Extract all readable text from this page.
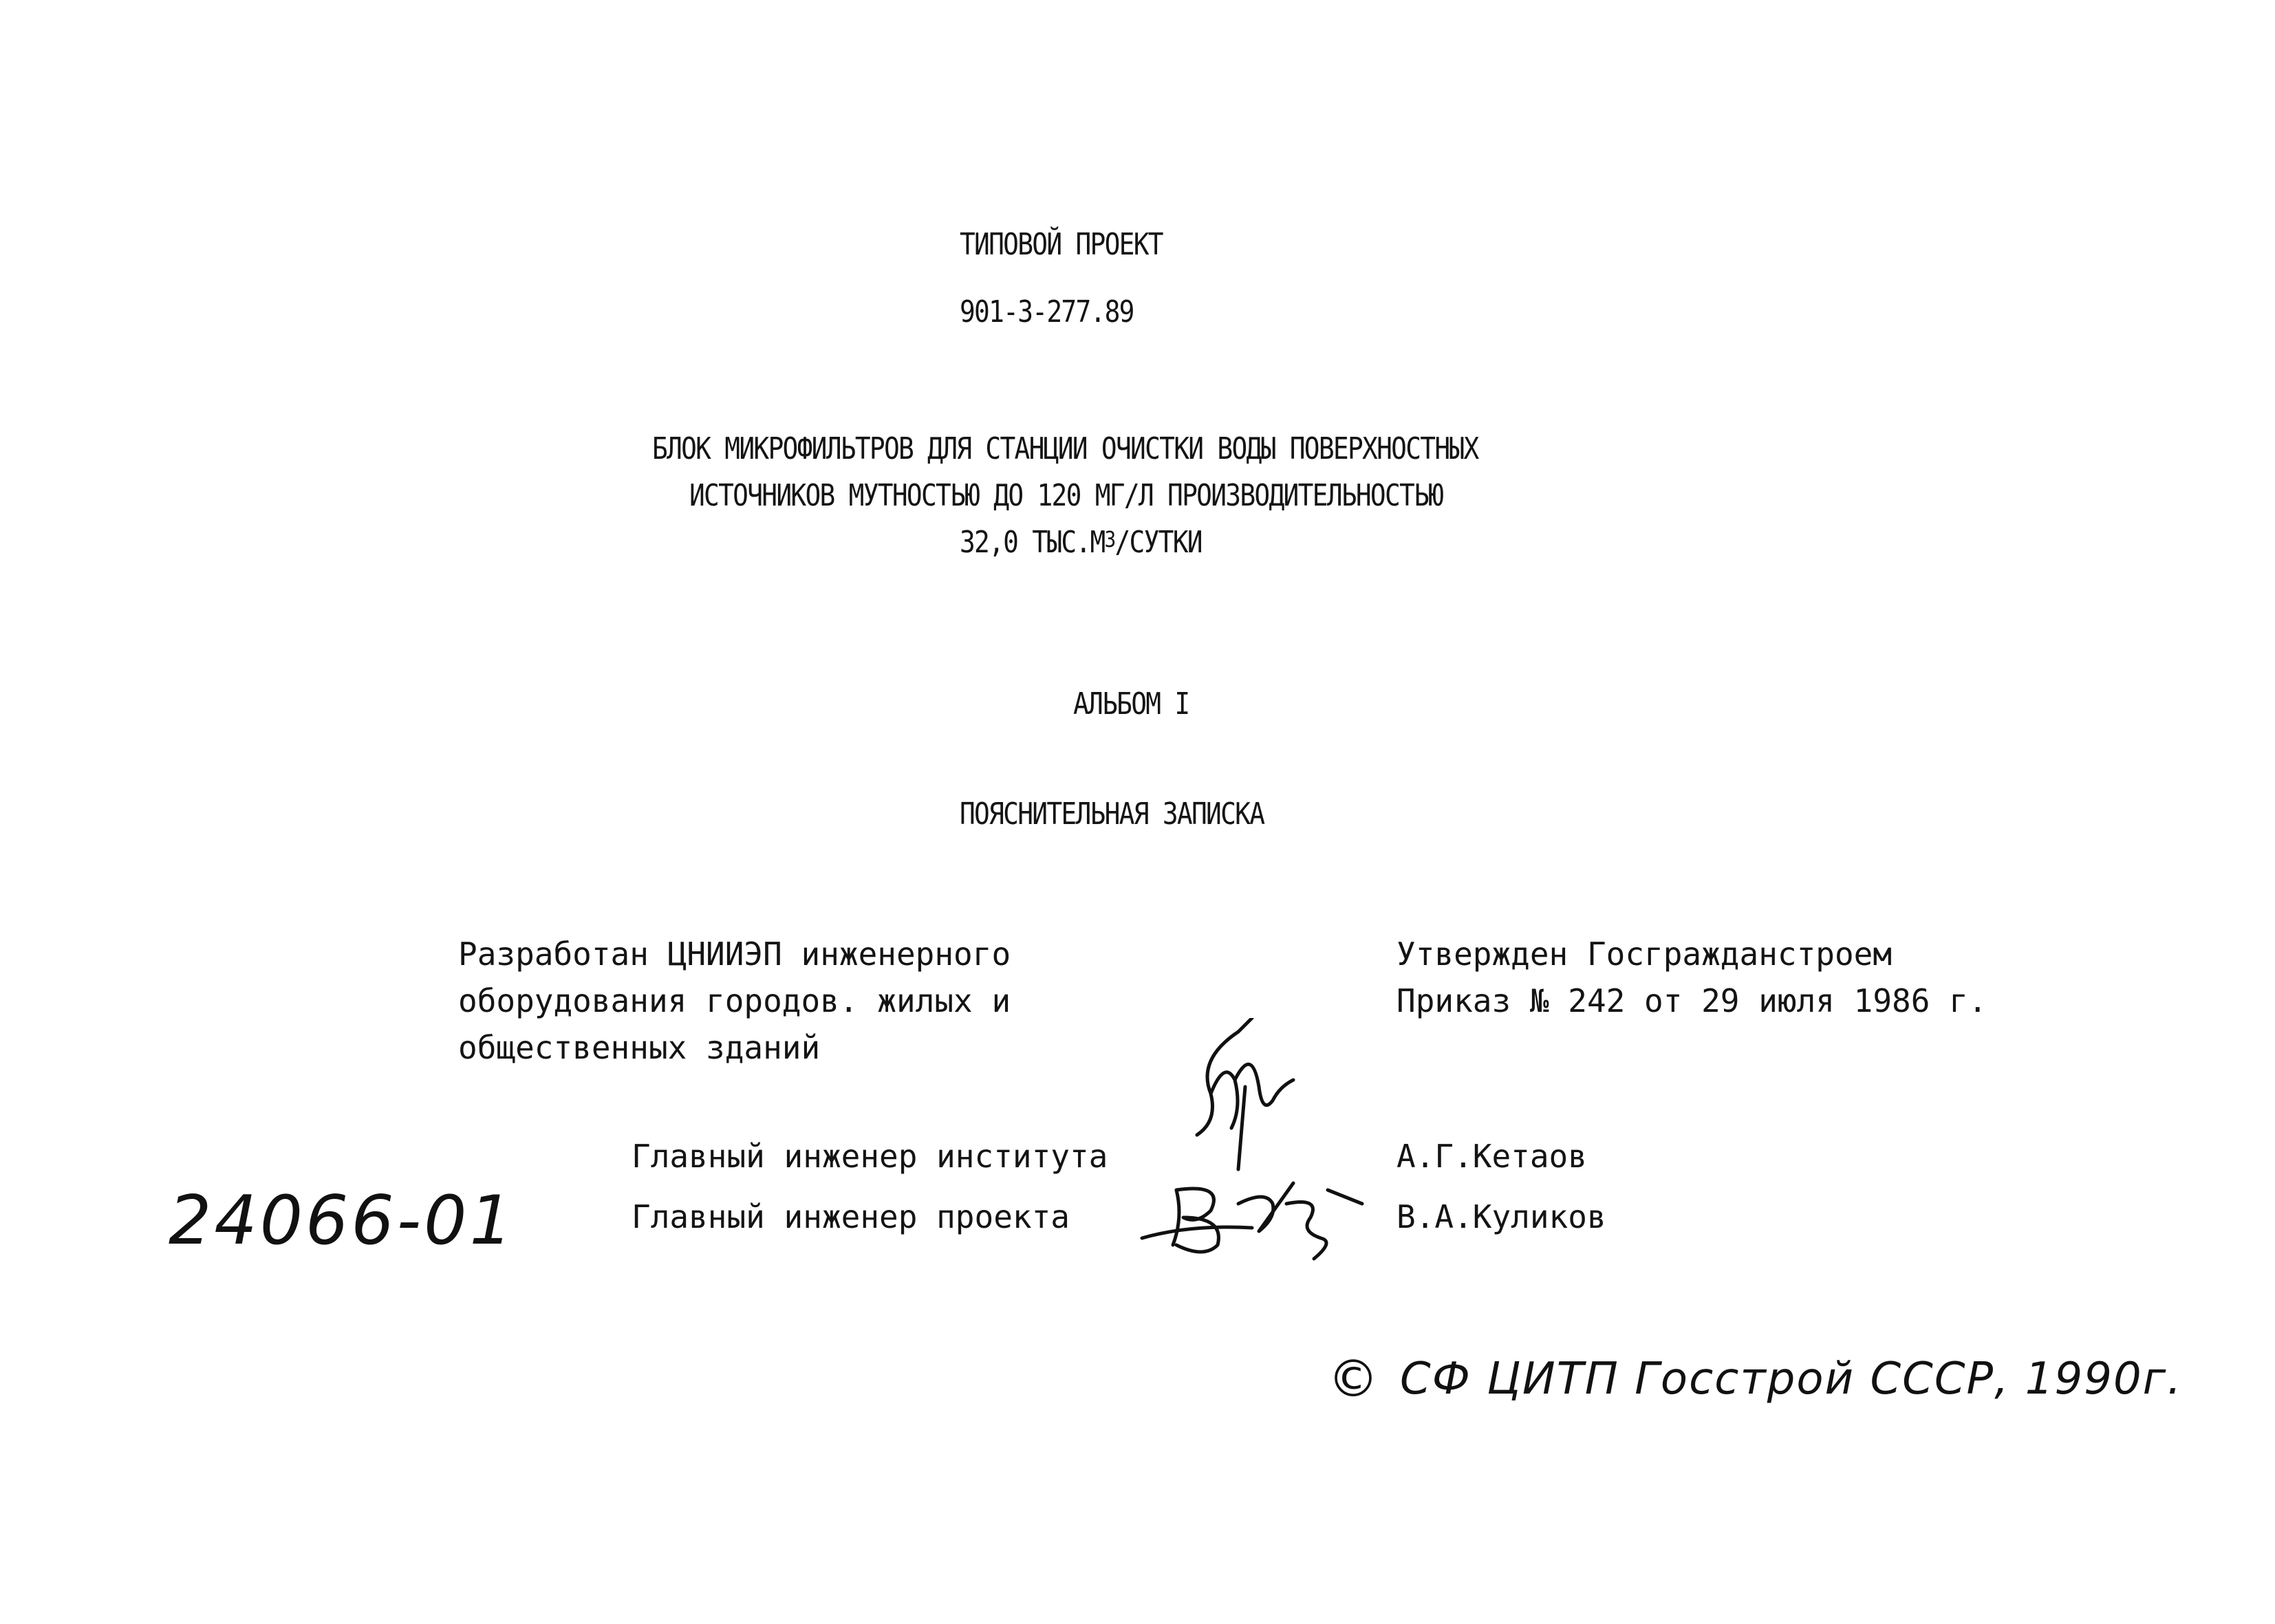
ТИПОВОЙ ПРОЕКТ
901-3-277.89
БЛОК МИКРОФИЛЬТРОВ ДЛЯ СТАНЦИИ ОЧИСТКИ ВОДЫ ПОВЕРХНОСТНЫХ
ИСТОЧНИКОВ МУТНОСТЬЮ ДО 120 МГ/Л ПРОИЗВОДИТЕЛЬНОСТЬЮ
32,0 $ТЫС.М^3$/СУТКИ
АЛЬБОМ I
ПОЯСНИТЕЛЬНАЯ ЗАПИСКА
Разработан ЦНИИЭП инженерного
оборудования городов. жилых и
общественных зданий
Утвержден Госгражданстроем
Приказ № 242 от 29 июля 1986 г.
Главный инженер института	А.Г.Кетаов
Главный инженер проекта	В.А.Куликов
24066-01
© СФ ЦИТП Госстрой СССР, 1990г.
